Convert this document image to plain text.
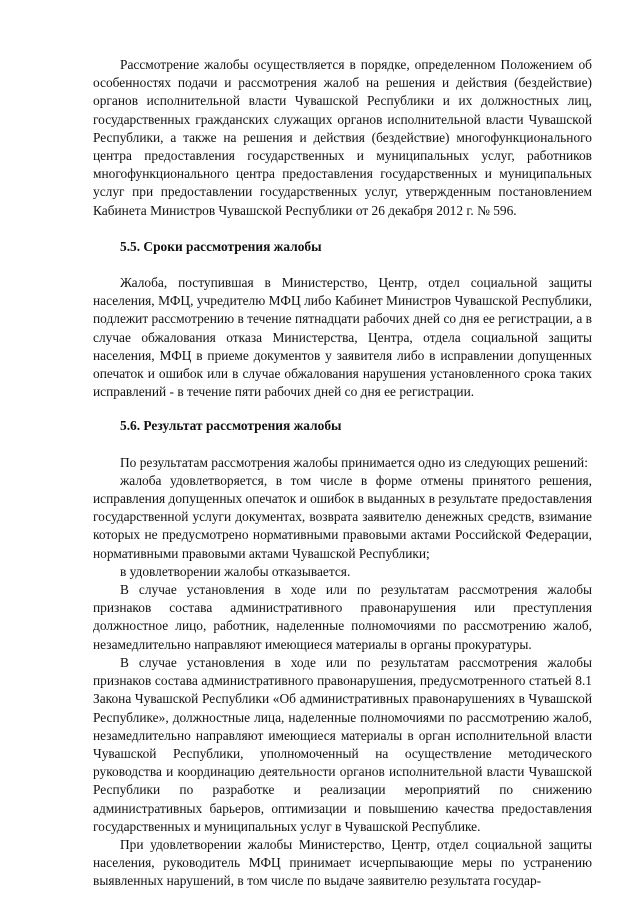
Рассмотрение жалобы осуществляется в порядке, определенном Положением об особенностях подачи и рассмотрения жалоб на решения и действия (бездействие) органов исполнительной власти Чувашской Республики и их должностных лиц, государственных гражданских служащих органов исполнительной власти Чувашской Республики, а также на решения и действия (бездействие) многофункционального центра предоставления государственных и муниципальных услуг, работников многофункционального центра предоставления государственных и муниципальных услуг при предоставлении государственных услуг, утвержденным постановлением Кабинета Министров Чувашской Республики от 26 декабря 2012 г. № 596.

5.5. Сроки рассмотрения жалобы

Жалоба, поступившая в Министерство, Центр, отдел социальной защиты населения, МФЦ, учредителю МФЦ либо Кабинет Министров Чувашской Республики, подлежит рассмотрению в течение пятнадцати рабочих дней со дня ее регистрации, а в случае обжалования отказа Министерства, Центра, отдела социальной защиты населения, МФЦ в приеме документов у заявителя либо в исправлении допущенных опечаток и ошибок или в случае обжалования нарушения установленного срока таких исправлений - в течение пяти рабочих дней со дня ее регистрации.

5.6. Результат рассмотрения жалобы

По результатам рассмотрения жалобы принимается одно из следующих решений:

жалоба удовлетворяется, в том числе в форме отмены принятого решения, исправления допущенных опечаток и ошибок в выданных в результате предоставления государственной услуги документах, возврата заявителю денежных средств, взимание которых не предусмотрено нормативными правовыми актами Российской Федерации, нормативными правовыми актами Чувашской Республики;

в удовлетворении жалобы отказывается.

В случае установления в ходе или по результатам рассмотрения жалобы признаков состава административного правонарушения или преступления должностное лицо, работник, наделенные полномочиями по рассмотрению жалоб, незамедлительно направляют имеющиеся материалы в органы прокуратуры.

В случае установления в ходе или по результатам рассмотрения жалобы признаков состава административного правонарушения, предусмотренного статьей 8.1 Закона Чувашской Республики «Об административных правонарушениях в Чувашской Республике», должностные лица, наделенные полномочиями по рассмотрению жалоб, незамедлительно направляют имеющиеся материалы в орган исполнительной власти Чувашской Республики, уполномоченный на осуществление методического руководства и координацию деятельности органов исполнительной власти Чувашской Республики по разработке и реализации мероприятий по снижению административных барьеров, оптимизации и повышению качества предоставления государственных и муниципальных услуг в Чувашской Республике.

При удовлетворении жалобы Министерство, Центр, отдел социальной защиты населения, руководитель МФЦ принимает исчерпывающие меры по устранению выявленных нарушений, в том числе по выдаче заявителю результата государ-
